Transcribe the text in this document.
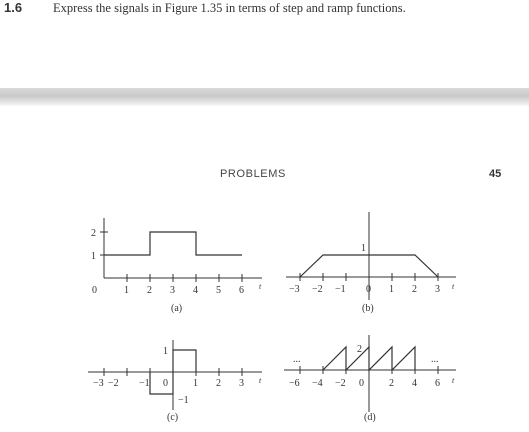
1.6 Express the signals in Figure 1.35 in terms of step and ramp functions.
PROBLEMS	45
0	1 2 3 4 5 6
1
2
t
(a)
1
−3 −2 −1 0 1 2 3 t
(b)
1
−1
−3 −2 −1 0	1 2 3 t
(c)
...	...
2
−6 −4 −2 0	2 4 6 t
(d)
